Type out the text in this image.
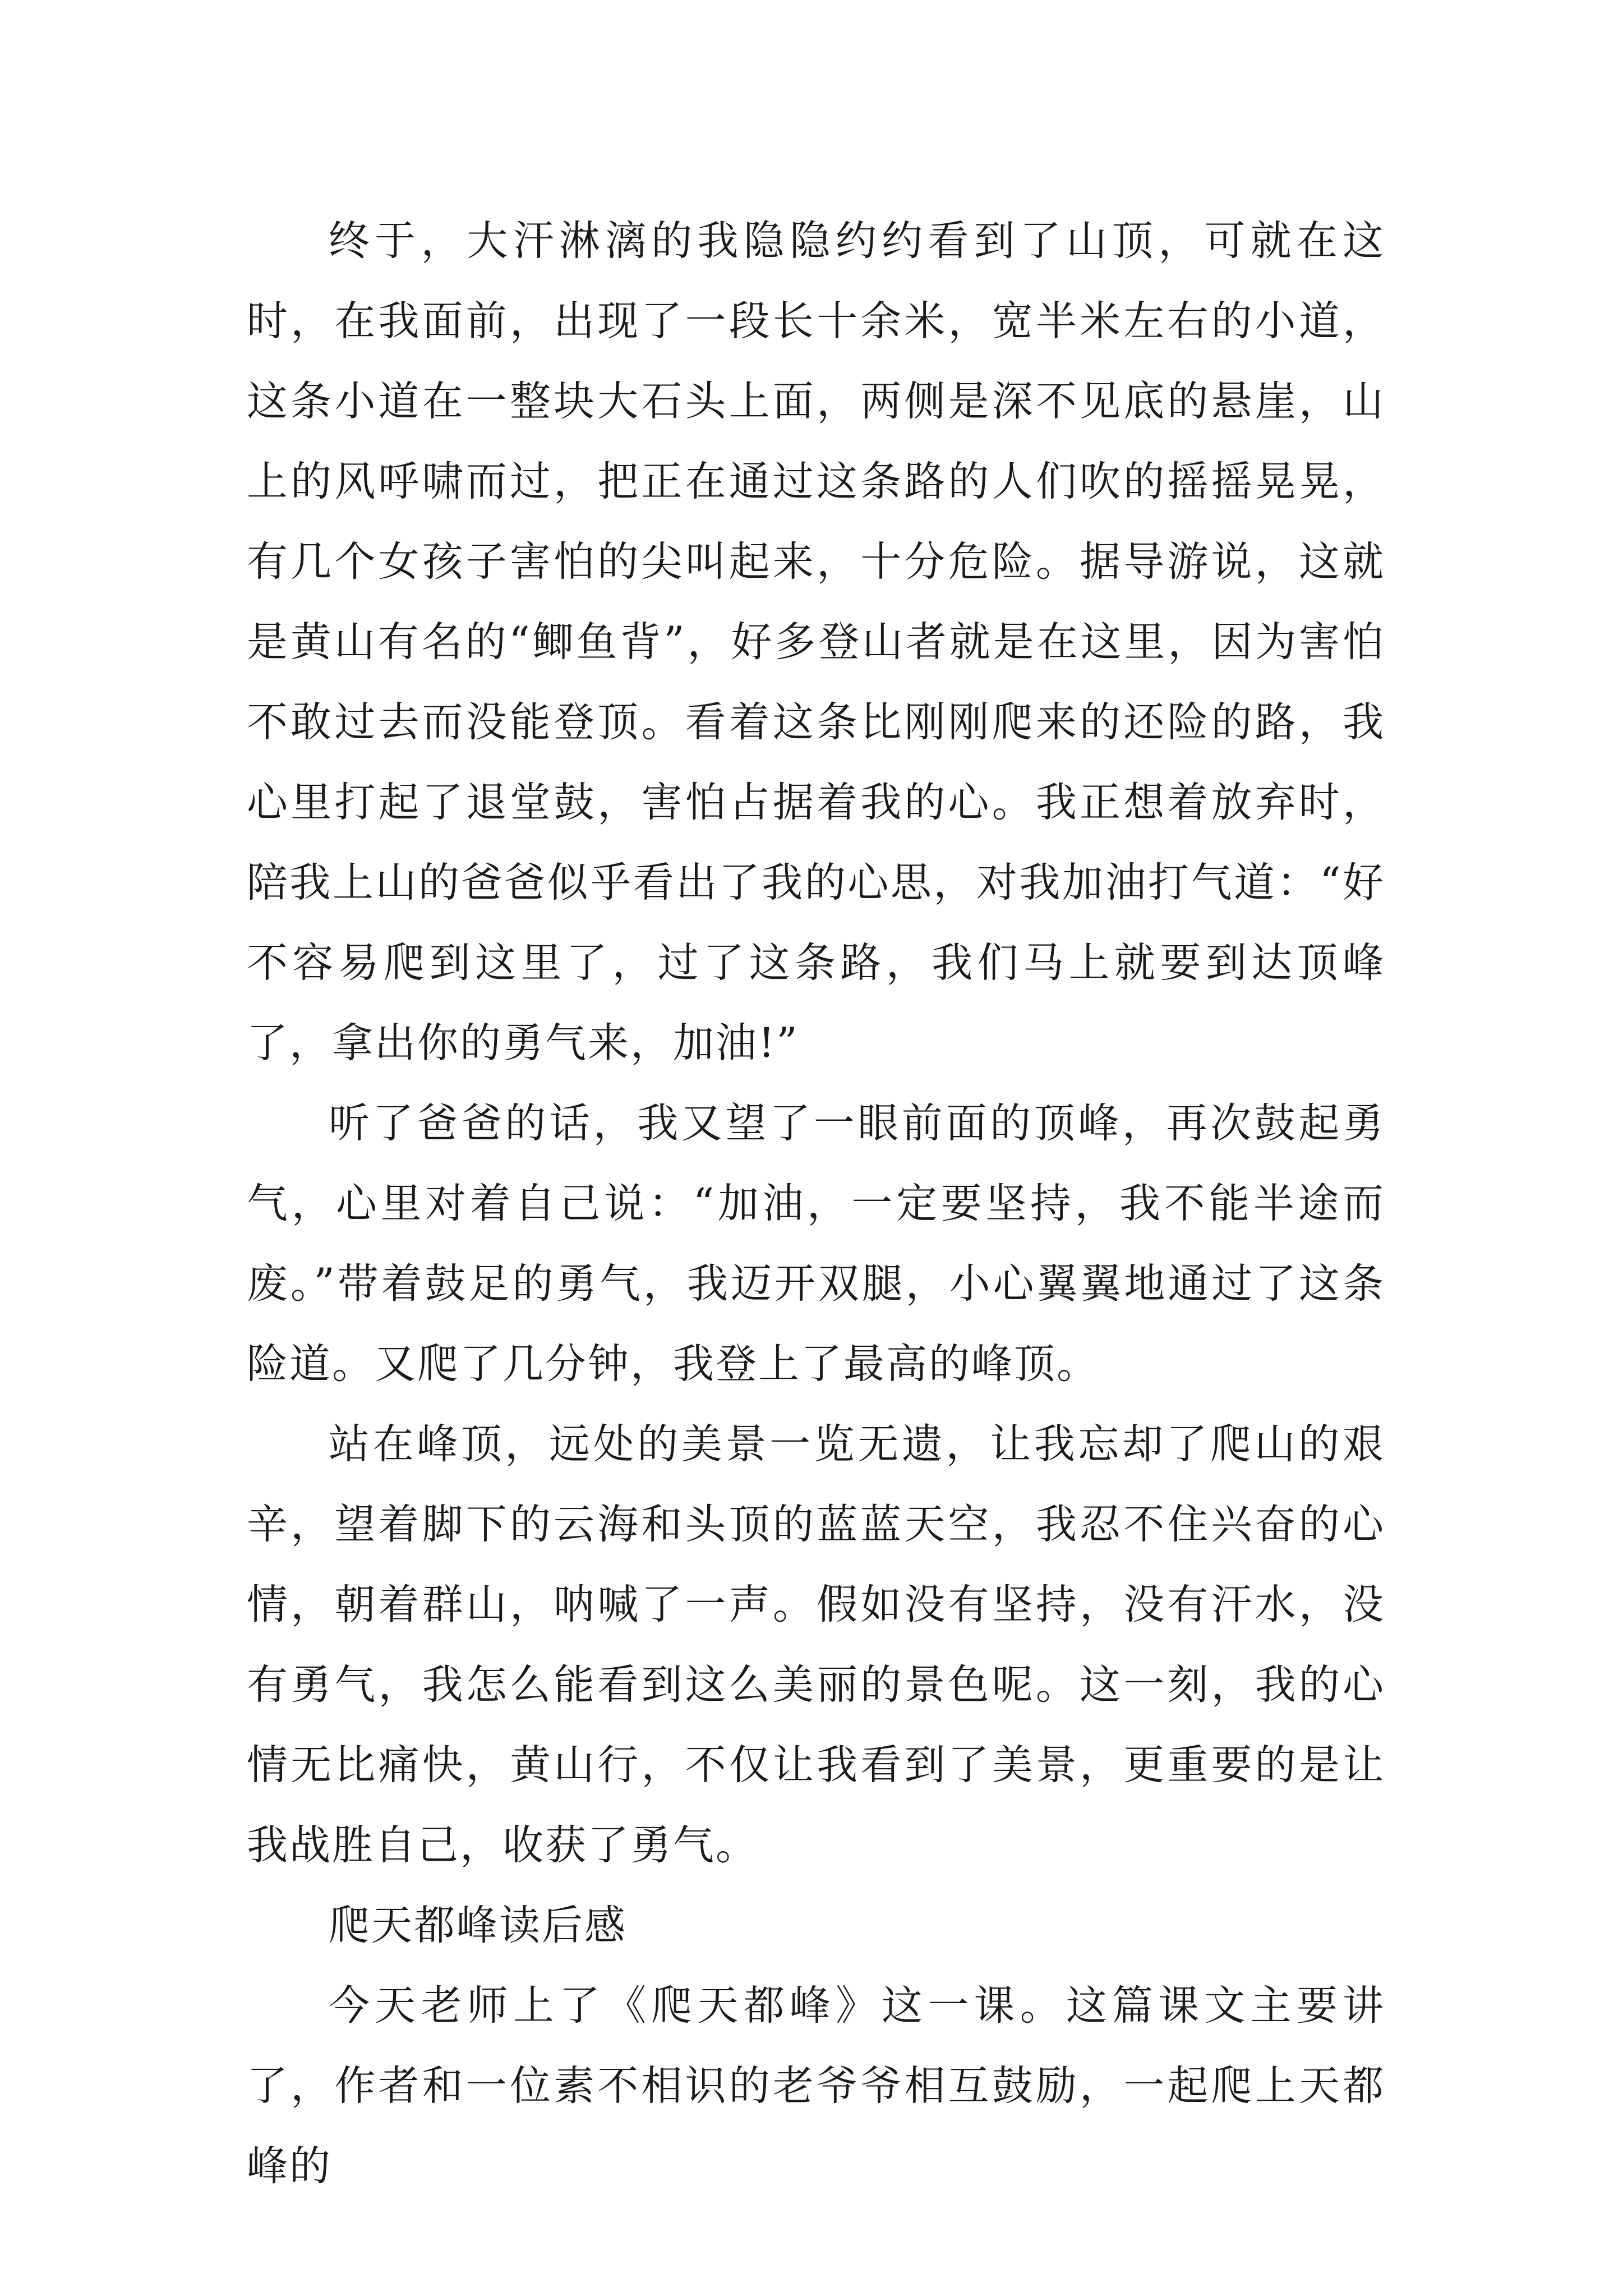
终于，大汗淋漓的我隐隐约约看到了山顶，可就在这时，在我面前，出现了一段长十余米，宽半米左右的小道，这条小道在一整块大石头上面，两侧是深不见底的悬崖，山上的风呼啸而过，把正在通过这条路的人们吹的摇摇晃晃，有几个女孩子害怕的尖叫起来，十分危险。据导游说，这就是黄山有名的“鲫鱼背”，好多登山者就是在这里，因为害怕不敢过去而没能登顶。看着这条比刚刚爬来的还险的路，我心里打起了退堂鼓，害怕占据着我的心。我正想着放弃时，陪我上山的爸爸似乎看出了我的心思，对我加油打气道：“好不容易爬到这里了，过了这条路，我们马上就要到达顶峰了，拿出你的勇气来，加油!”

听了爸爸的话，我又望了一眼前面的顶峰，再次鼓起勇气，心里对着自己说：“加油，一定要坚持，我不能半途而废。”带着鼓足的勇气，我迈开双腿，小心翼翼地通过了这条险道。又爬了几分钟，我登上了最高的峰顶。

站在峰顶，远处的美景一览无遗，让我忘却了爬山的艰辛，望着脚下的云海和头顶的蓝蓝天空，我忍不住兴奋的心情，朝着群山，呐喊了一声。假如没有坚持，没有汗水，没有勇气，我怎么能看到这么美丽的景色呢。这一刻，我的心情无比痛快，黄山行，不仅让我看到了美景，更重要的是让我战胜自己，收获了勇气。

爬天都峰读后感

今天老师上了《爬天都峰》这一课。这篇课文主要讲了，作者和一位素不相识的老爷爷相互鼓励，一起爬上天都峰的
